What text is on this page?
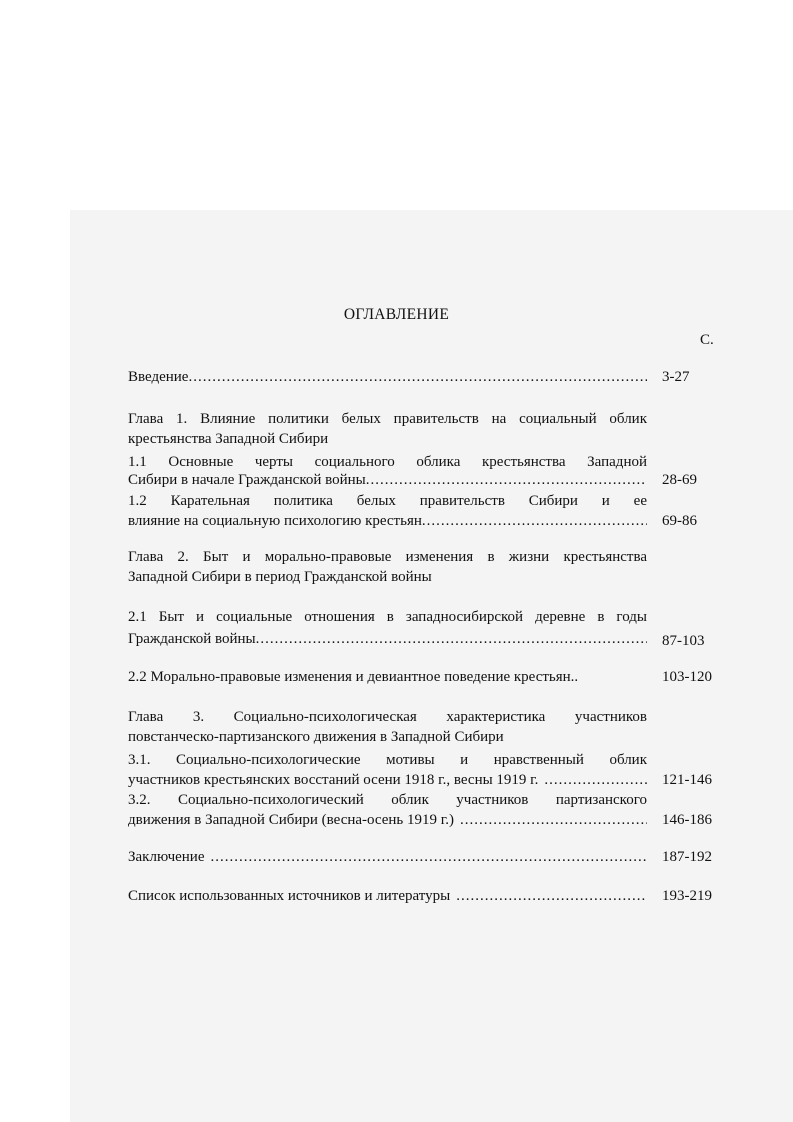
ОГЛАВЛЕНИЕ
С.
Введение .....	3-27
Глава 1. Влияние политики белых правительств на социальный облик
крестьянства Западной Сибири
1.1 Основные черты социального облика крестьянства Западной
Сибири в начале Гражданской войны .....	28-69
1.2 Карательная политика белых правительств Сибири и ее
влияние на социальную психологию крестьян .....	69-86
Глава 2. Быт и морально-правовые изменения в жизни крестьянства
Западной Сибири в период Гражданской войны
2.1 Быт и социальные отношения в западносибирской деревне в годы
Гражданской войны .....	87-103
2.2 Морально-правовые изменения и девиантное поведение крестьян..	103-120
Глава 3. Социально-психологическая характеристика участников
повстанческо-партизанского движения в Западной Сибири
3.1. Социально-психологические мотивы и нравственный облик
участников крестьянских восстаний осени 1918 г., весны 1919 г. .....	121-146
3.2. Социально-психологический облик участников партизанского
движения в Западной Сибири (весна-осень 1919 г.) .....	146-186
Заключение .....	187-192
Список использованных источников и литературы .....	193-219
